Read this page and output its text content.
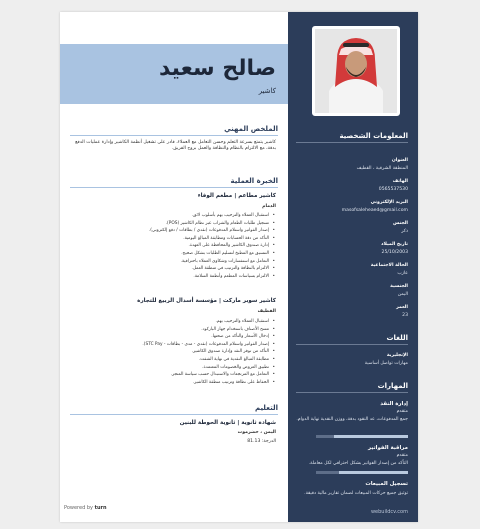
صالح سعيد
كاشير
الملخص المهني
كاشير يتمتع بسرعة التعلم وحسن التعامل مع العملاء، قادر على تشغيل أنظمة الكاشير وإدارة عمليات الدفع بدقة، مع الالتزام بالنظام والنظافة والعمل بروح الفريق.
الخبرة العملية
كاشير مطاعم | مطعم الوفاء
الدمام
• استقبال العملاء والترحيب بهم بأسلوب لائق.
• تسجيل طلبات الطعام والشراب عبر نظام الكاشير (POS).
• إصدار الفواتير واستلام المدفوعات (نقدي / بطاقات / دفع إلكتروني).
• التأكد من دقة الحسابات ومطابقة المبالغ اليومية.
• إدارة صندوق الكاشير والمحافظة على العهدة.
• التنسيق مع المطبخ لتسليم الطلبات بشكل صحيح.
• التعامل مع استفسارات وشكاوى العملاء باحترافية.
• الالتزام بالنظافة والترتيب في منطقة العمل.
• الالتزام بسياسات المطعم وأنظمة السلامة.
كاشير سوبر ماركت | مؤسسة أسدال الربيع للتجارة
القطيف
• استقبال العملاء والترحيب بهم.
• مسح الأصناف باستخدام جهاز الباركود.
• إدخال الأسعار والتأكد من صحتها.
• إصدار الفواتير واستلام المدفوعات (نقدي - مدى - بطاقات - STC Pay).
• التأكد من توفر النقد وإدارة صندوق الكاشير.
• مطابقة المبالغ النقدية في نهاية الشفت.
• تطبيق العروض والخصومات المعتمدة.
• التعامل مع المرتجعات والاستبدال حسب سياسة المتجر.
• الحفاظ على نظافة وترتيب منطقة الكاشير.
التعليم
شهادة ثانوية | ثانوية الحوطة للبنين
اليمن ، حضرموت
الدرجة: 81.13
المعلومات الشخصية
العنوان
المنطقة الشرقية ، القطيف
الهاتف
0565537530
البريد الإلكتروني
masofsaleheaed@gmail.com
الجنس
ذكر
تاريخ الميلاد
25/10/2003
الحالة الاجتماعية
عازب
الجنسية
اليمن
العمر
23
اللغات
الإنجليزية
مهارات تواصل أساسية
المهارات
إدارة النقد
متقدم
جمع المدفوعات، عد النقود بدقة، ووزن النقدية نهاية الدوام.
مراقبة الفواتير
متقدم
التأكد من إصدار الفواتير بشكل احترافي لكل معاملة.
تسجيل المبيعات
توثيق جميع حركات المبيعات لضمان تقارير مالية دقيقة.
webuildcv.com
Powered by turn
